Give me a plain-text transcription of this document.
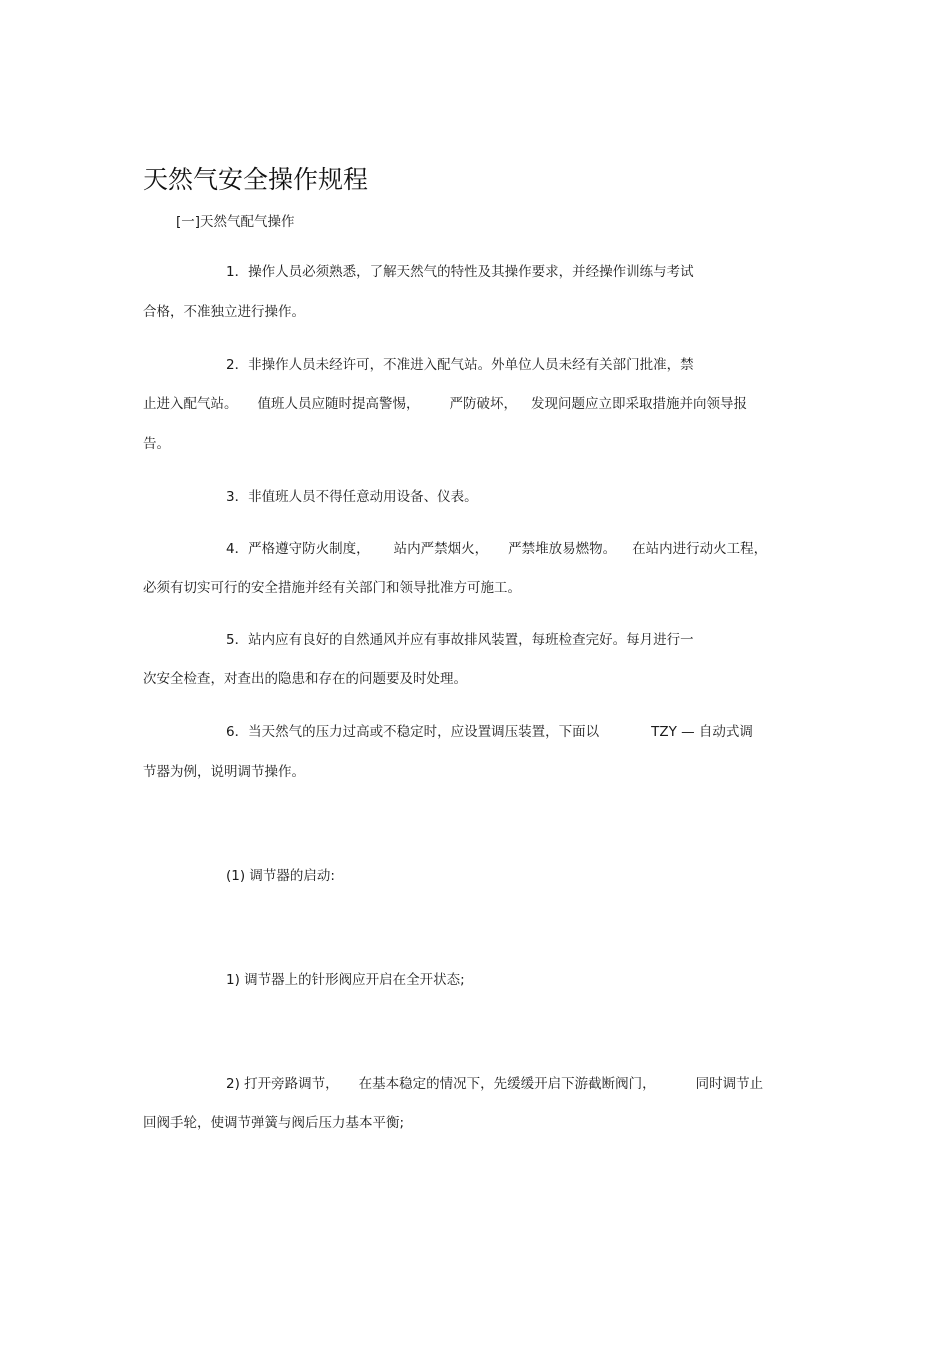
天然气安全操作规程
[一]天然气配气操作
1．操作人员必须熟悉，了解天然气的特性及其操作要求，并经操作训练与考试
合格，不准独立进行操作。
2．非操作人员未经许可，不准进入配气站。外单位人员未经有关部门批准，禁
止进入配气站。 值班人员应随时提高警惕， 严防破坏， 发现问题应立即采取措施并向领导报
告。
3．非值班人员不得任意动用设备、仪表。
4．严格遵守防火制度， 站内严禁烟火， 严禁堆放易燃物。 在站内进行动火工程，
必须有切实可行的安全措施并经有关部门和领导批准方可施工。
5．站内应有良好的自然通风并应有事故排风装置，每班检查完好。每月进行一
次安全检查，对查出的隐患和存在的问题要及时处理。
6．当天然气的压力过高或不稳定时，应设置调压装置，下面以	TZY — 自动式调
节器为例，说明调节操作。
(1) 调节器的启动:
1) 调节器上的针形阀应开启在全开状态;
2) 打开旁路调节， 在基本稳定的情况下，先缓缓开启下游截断阀门，	同时调节止
回阀手轮，使调节弹簧与阀后压力基本平衡;
